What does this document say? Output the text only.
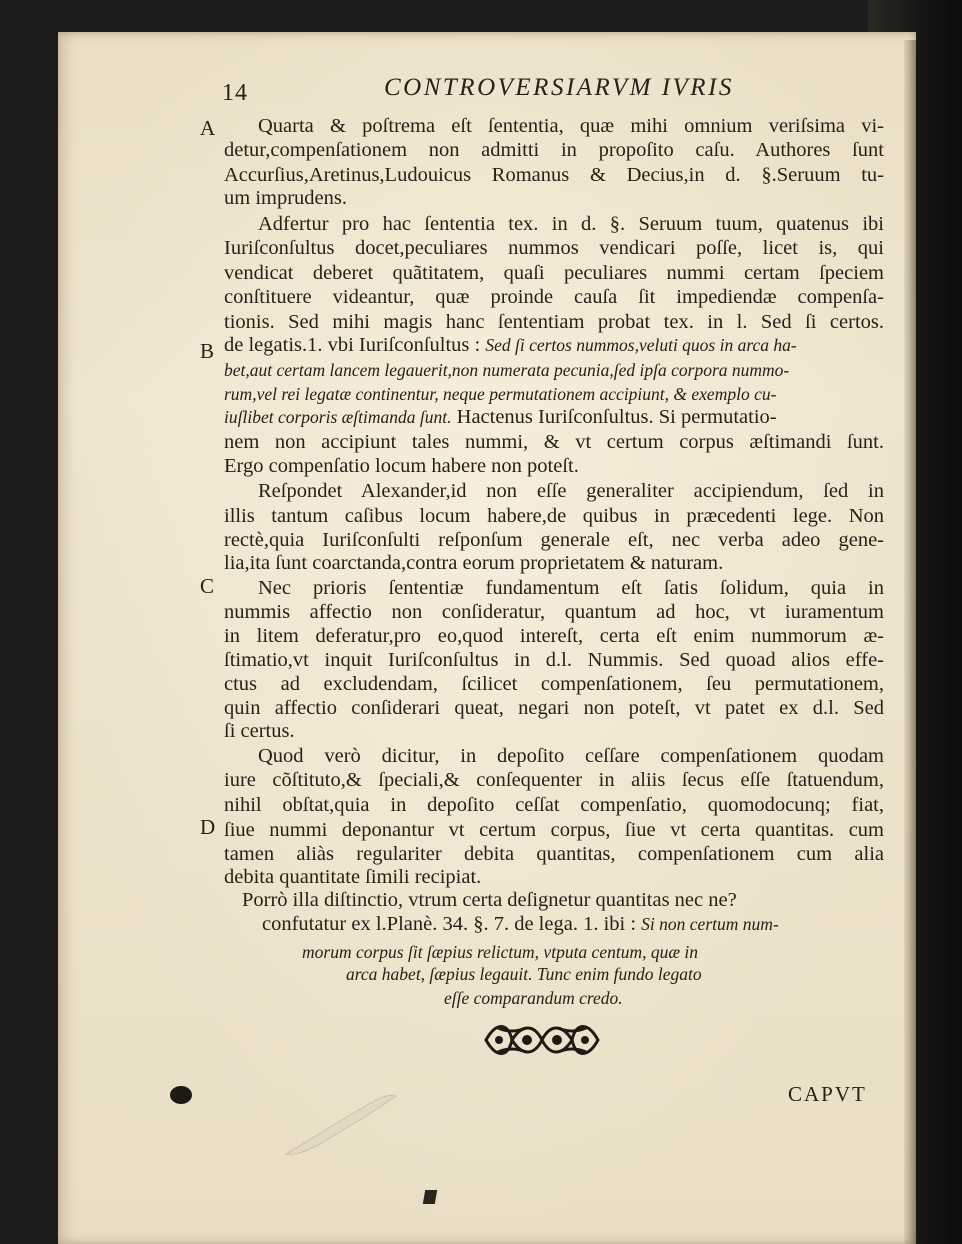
14	CONTROVERSIARVM IVRIS
A
B
C
D
Quarta & poſtrema eſt ſententia, quæ mihi omnium veriſsima vi-
detur,compenſationem non admitti in propoſito caſu. Authores ſunt
Accurſius,Aretinus,Ludouicus Romanus & Decius,in d. §.Seruum tu-
um imprudens.
Adfertur pro hac ſententia tex. in d. §. Seruum tuum, quatenus ibi
Iuriſconſultus docet,peculiares nummos vendicari poſſe, licet is, qui
vendicat deberet quãtitatem, quaſi peculiares nummi certam ſpeciem
conſtituere videantur, quæ proinde cauſa ſit impediendæ compenſa-
tionis. Sed mihi magis hanc ſententiam probat tex. in l. Sed ſi certos.
de legatis.1. vbi Iuriſconſultus : Sed ſi certos nummos,veluti quos in arca ha-
bet,aut certam lancem legauerit,non numerata pecunia,ſed ipſa corpora nummo-
rum,vel rei legatæ continentur, neque permutationem accipiunt, & exemplo cu-
iuſlibet corporis æſtimanda ſunt. Hactenus Iuriſconſultus. Si permutatio-
nem non accipiunt tales nummi, & vt certum corpus æſtimandi ſunt.
Ergo compenſatio locum habere non poteſt.
Reſpondet Alexander,id non eſſe generaliter accipiendum, ſed in
illis tantum caſibus locum habere,de quibus in præcedenti lege. Non
rectè,quia Iuriſconſulti reſponſum generale eſt, nec verba adeo gene-
lia,ita ſunt coarctanda,contra eorum proprietatem & naturam.
Nec prioris ſententiæ fundamentum eſt ſatis ſolidum, quia in
nummis affectio non conſideratur, quantum ad hoc, vt iuramentum
in litem deferatur,pro eo,quod intereſt, certa eſt enim nummorum æ-
ſtimatio,vt inquit Iuriſconſultus in d.l. Nummis. Sed quoad alios effe-
ctus ad excludendam, ſcilicet compenſationem, ſeu permutationem,
quin affectio conſiderari queat, negari non poteſt, vt patet ex d.l. Sed
ſi certus.
Quod verò dicitur, in depoſito ceſſare compenſationem quodam
iure cõſtituto,& ſpeciali,& conſequenter in aliis ſecus eſſe ſtatuendum,
nihil obſtat,quia in depoſito ceſſat compenſatio, quomodocunq; fiat,
ſiue nummi deponantur vt certum corpus, ſiue vt certa quantitas. cum
tamen aliàs regulariter debita quantitas, compenſationem cum alia
debita quantitate ſimili recipiat.
Porrò illa diſtinctio, vtrum certa deſignetur quantitas nec ne?
confutatur ex l.Planè. 34. §. 7. de lega. 1. ibi : Si non certum num-
morum corpus ſit ſæpius relictum, vtputa centum, quæ in
arca habet, ſæpius legauit. Tunc enim fundo legato
eſſe comparandum credo.
CAPVT
